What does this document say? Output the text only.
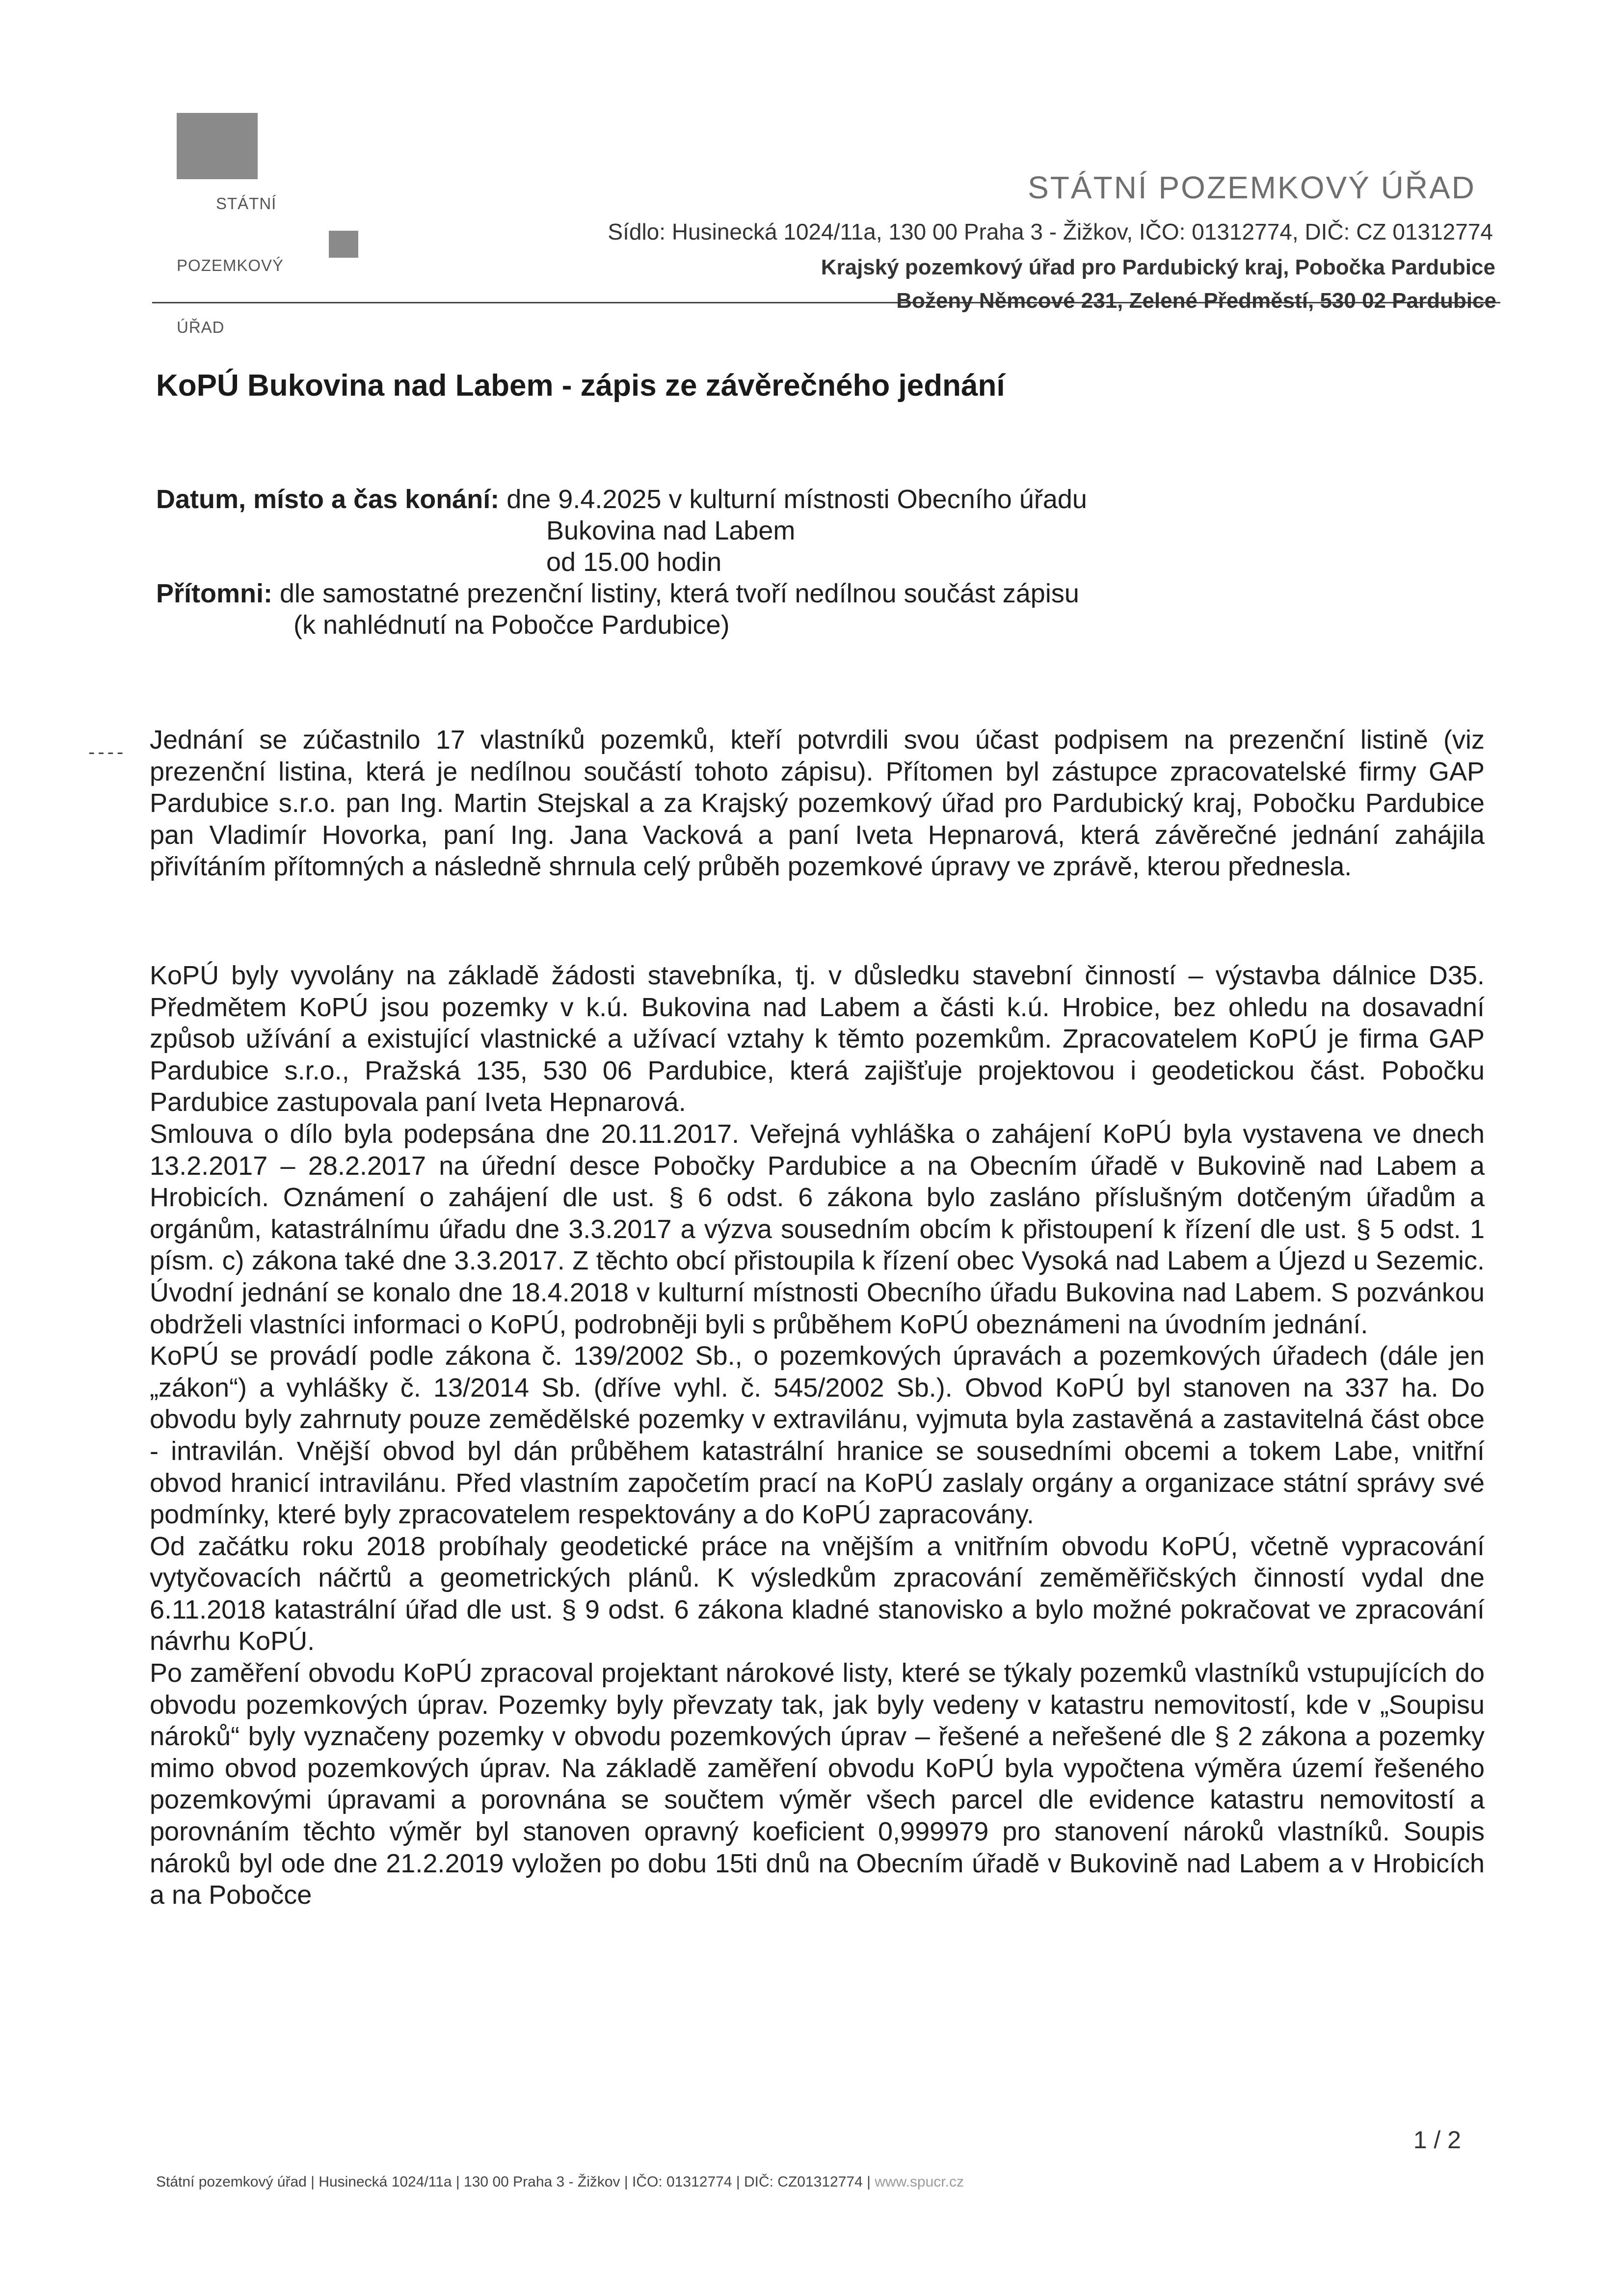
STÁTNÍ

POZEMKOVÝ

ÚŘAD

STÁTNÍ POZEMKOVÝ ÚŘAD
Sídlo: Husinecká 1024/11a, 130 00 Praha 3 - Žižkov, IČO: 01312774, DIČ: CZ 01312774
Krajský pozemkový úřad pro Pardubický kraj, Pobočka Pardubice
Boženy Němcové 231, Zelené Předměstí, 530 02 Pardubice
KoPÚ Bukovina nad Labem - zápis ze závěrečného jednání
Datum, místo a čas konání: dne 9.4.2025 v kulturní místnosti Obecního úřadu
Bukovina nad Labem
od 15.00 hodin
Přítomni: dle samostatné prezenční listiny, která tvoří nedílnou součást zápisu
(k nahlédnutí na Pobočce Pardubice)
---- Jednání se zúčastnilo 17 vlastníků pozemků, kteří potvrdili svou účast podpisem na prezenční listině (viz prezenční listina, která je nedílnou součástí tohoto zápisu). Přítomen byl zástupce zpracovatelské firmy GAP Pardubice s.r.o. pan Ing. Martin Stejskal a za Krajský pozemkový úřad pro Pardubický kraj, Pobočku Pardubice pan Vladimír Hovorka, paní Ing. Jana Vacková a paní Iveta Hepnarová, která závěrečné jednání zahájila přivítáním přítomných a následně shrnula celý průběh pozemkové úpravy ve zprávě, kterou přednesla.

KoPÚ byly vyvolány na základě žádosti stavebníka, tj. v důsledku stavební činností – výstavba dálnice D35. Předmětem KoPÚ jsou pozemky v k.ú. Bukovina nad Labem a části k.ú. Hrobice, bez ohledu na dosavadní způsob užívání a existující vlastnické a užívací vztahy k těmto pozemkům. Zpracovatelem KoPÚ je firma GAP Pardubice s.r.o., Pražská 135, 530 06 Pardubice, která zajišťuje projektovou i geodetickou část. Pobočku Pardubice zastupovala paní Iveta Hepnarová.

Smlouva o dílo byla podepsána dne 20.11.2017. Veřejná vyhláška o zahájení KoPÚ byla vystavena ve dnech 13.2.2017 – 28.2.2017 na úřední desce Pobočky Pardubice a na Obecním úřadě v Bukovině nad Labem a Hrobicích. Oznámení o zahájení dle ust. § 6 odst. 6 zákona bylo zasláno příslušným dotčeným úřadům a orgánům, katastrálnímu úřadu dne 3.3.2017 a výzva sousedním obcím k přistoupení k řízení dle ust. § 5 odst. 1 písm. c) zákona také dne 3.3.2017. Z těchto obcí přistoupila k řízení obec Vysoká nad Labem a Újezd u Sezemic. Úvodní jednání se konalo dne 18.4.2018 v kulturní místnosti Obecního úřadu Bukovina nad Labem. S pozvánkou obdrželi vlastníci informaci o KoPÚ, podrobněji byli s průběhem KoPÚ obeznámeni na úvodním jednání.

KoPÚ se provádí podle zákona č. 139/2002 Sb., o pozemkových úpravách a pozemkových úřadech (dále jen „zákon“) a vyhlášky č. 13/2014 Sb. (dříve vyhl. č. 545/2002 Sb.). Obvod KoPÚ byl stanoven na 337 ha. Do obvodu byly zahrnuty pouze zemědělské pozemky v extravilánu, vyjmuta byla zastavěná a zastavitelná část obce - intravilán. Vnější obvod byl dán průběhem katastrální hranice se sousedními obcemi a tokem Labe, vnitřní obvod hranicí intravilánu. Před vlastním započetím prací na KoPÚ zaslaly orgány a organizace státní správy své podmínky, které byly zpracovatelem respektovány a do KoPÚ zapracovány.

Od začátku roku 2018 probíhaly geodetické práce na vnějším a vnitřním obvodu KoPÚ, včetně vypracování vytyčovacích náčrtů a geometrických plánů. K výsledkům zpracování zeměměřičských činností vydal dne 6.11.2018 katastrální úřad dle ust. § 9 odst. 6 zákona kladné stanovisko a bylo možné pokračovat ve zpracování návrhu KoPÚ.

Po zaměření obvodu KoPÚ zpracoval projektant nárokové listy, které se týkaly pozemků vlastníků vstupujících do obvodu pozemkových úprav. Pozemky byly převzaty tak, jak byly vedeny v katastru nemovitostí, kde v „Soupisu nároků“ byly vyznačeny pozemky v obvodu pozemkových úprav – řešené a neřešené dle § 2 zákona a pozemky mimo obvod pozemkových úprav. Na základě zaměření obvodu KoPÚ byla vypočtena výměra území řešeného pozemkovými úpravami a porovnána se součtem výměr všech parcel dle evidence katastru nemovitostí a porovnáním těchto výměr byl stanoven opravný koeficient 0,999979 pro stanovení nároků vlastníků. Soupis nároků byl ode dne 21.2.2019 vyložen po dobu 15ti dnů na Obecním úřadě v Bukovině nad Labem a v Hrobicích a na Pobočce

1 / 2
Státní pozemkový úřad | Husinecká 1024/11a | 130 00 Praha 3 - Žižkov | IČO: 01312774 | DIČ: CZ01312774 | www.spucr.cz
